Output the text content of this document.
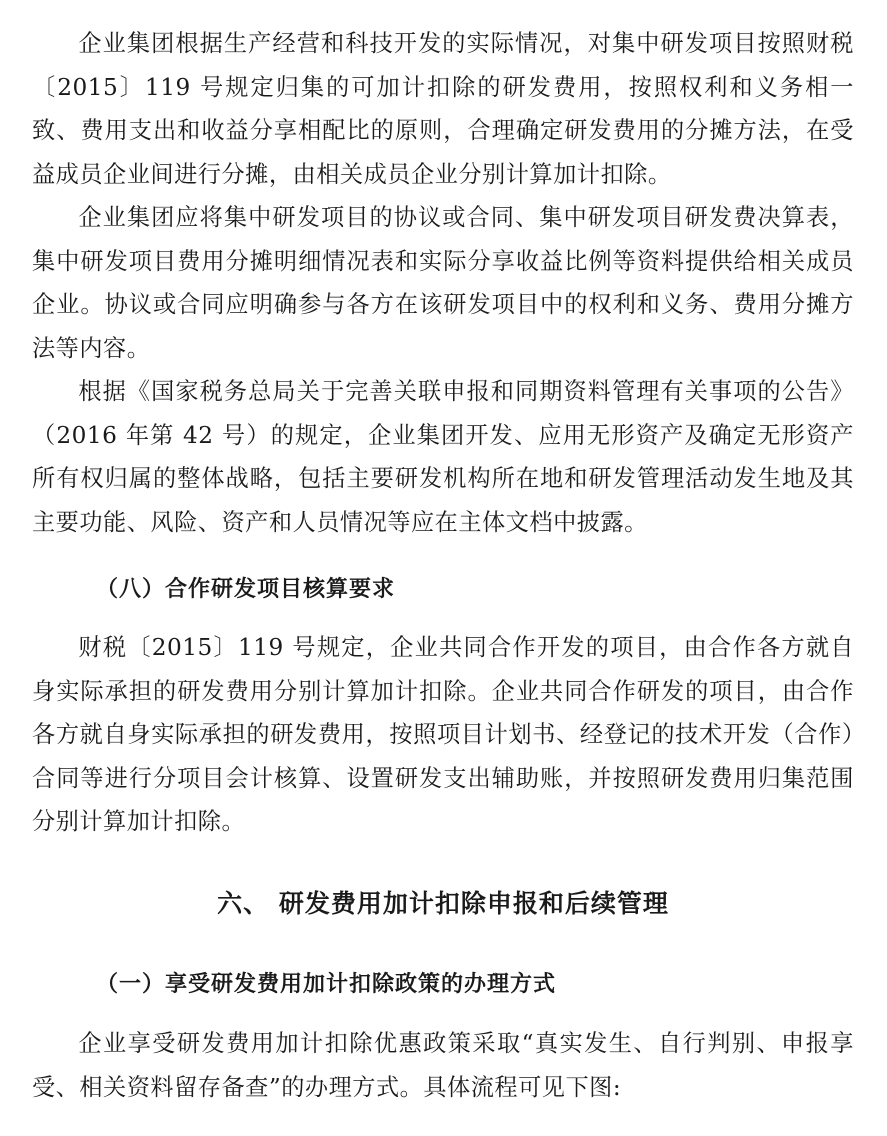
企业集团根据生产经营和科技开发的实际情况，对集中研发项目按照财税〔2015〕119 号规定归集的可加计扣除的研发费用，按照权利和义务相一致、费用支出和收益分享相配比的原则，合理确定研发费用的分摊方法，在受益成员企业间进行分摊，由相关成员企业分别计算加计扣除。

企业集团应将集中研发项目的协议或合同、集中研发项目研发费决算表，集中研发项目费用分摊明细情况表和实际分享收益比例等资料提供给相关成员企业。协议或合同应明确参与各方在该研发项目中的权利和义务、费用分摊方法等内容。

根据《国家税务总局关于完善关联申报和同期资料管理有关事项的公告》（2016 年第 42 号）的规定，企业集团开发、应用无形资产及确定无形资产所有权归属的整体战略，包括主要研发机构所在地和研发管理活动发生地及其主要功能、风险、资产和人员情况等应在主体文档中披露。

（八）合作研发项目核算要求

财税〔2015〕119 号规定，企业共同合作开发的项目，由合作各方就自身实际承担的研发费用分别计算加计扣除。企业共同合作研发的项目，由合作各方就自身实际承担的研发费用，按照项目计划书、经登记的技术开发（合作）合同等进行分项目会计核算、设置研发支出辅助账，并按照研发费用归集范围分别计算加计扣除。

六、 研发费用加计扣除申报和后续管理
（一）享受研发费用加计扣除政策的办理方式

企业享受研发费用加计扣除优惠政策采取“真实发生、自行判别、申报享受、相关资料留存备查”的办理方式。具体流程可见下图:
